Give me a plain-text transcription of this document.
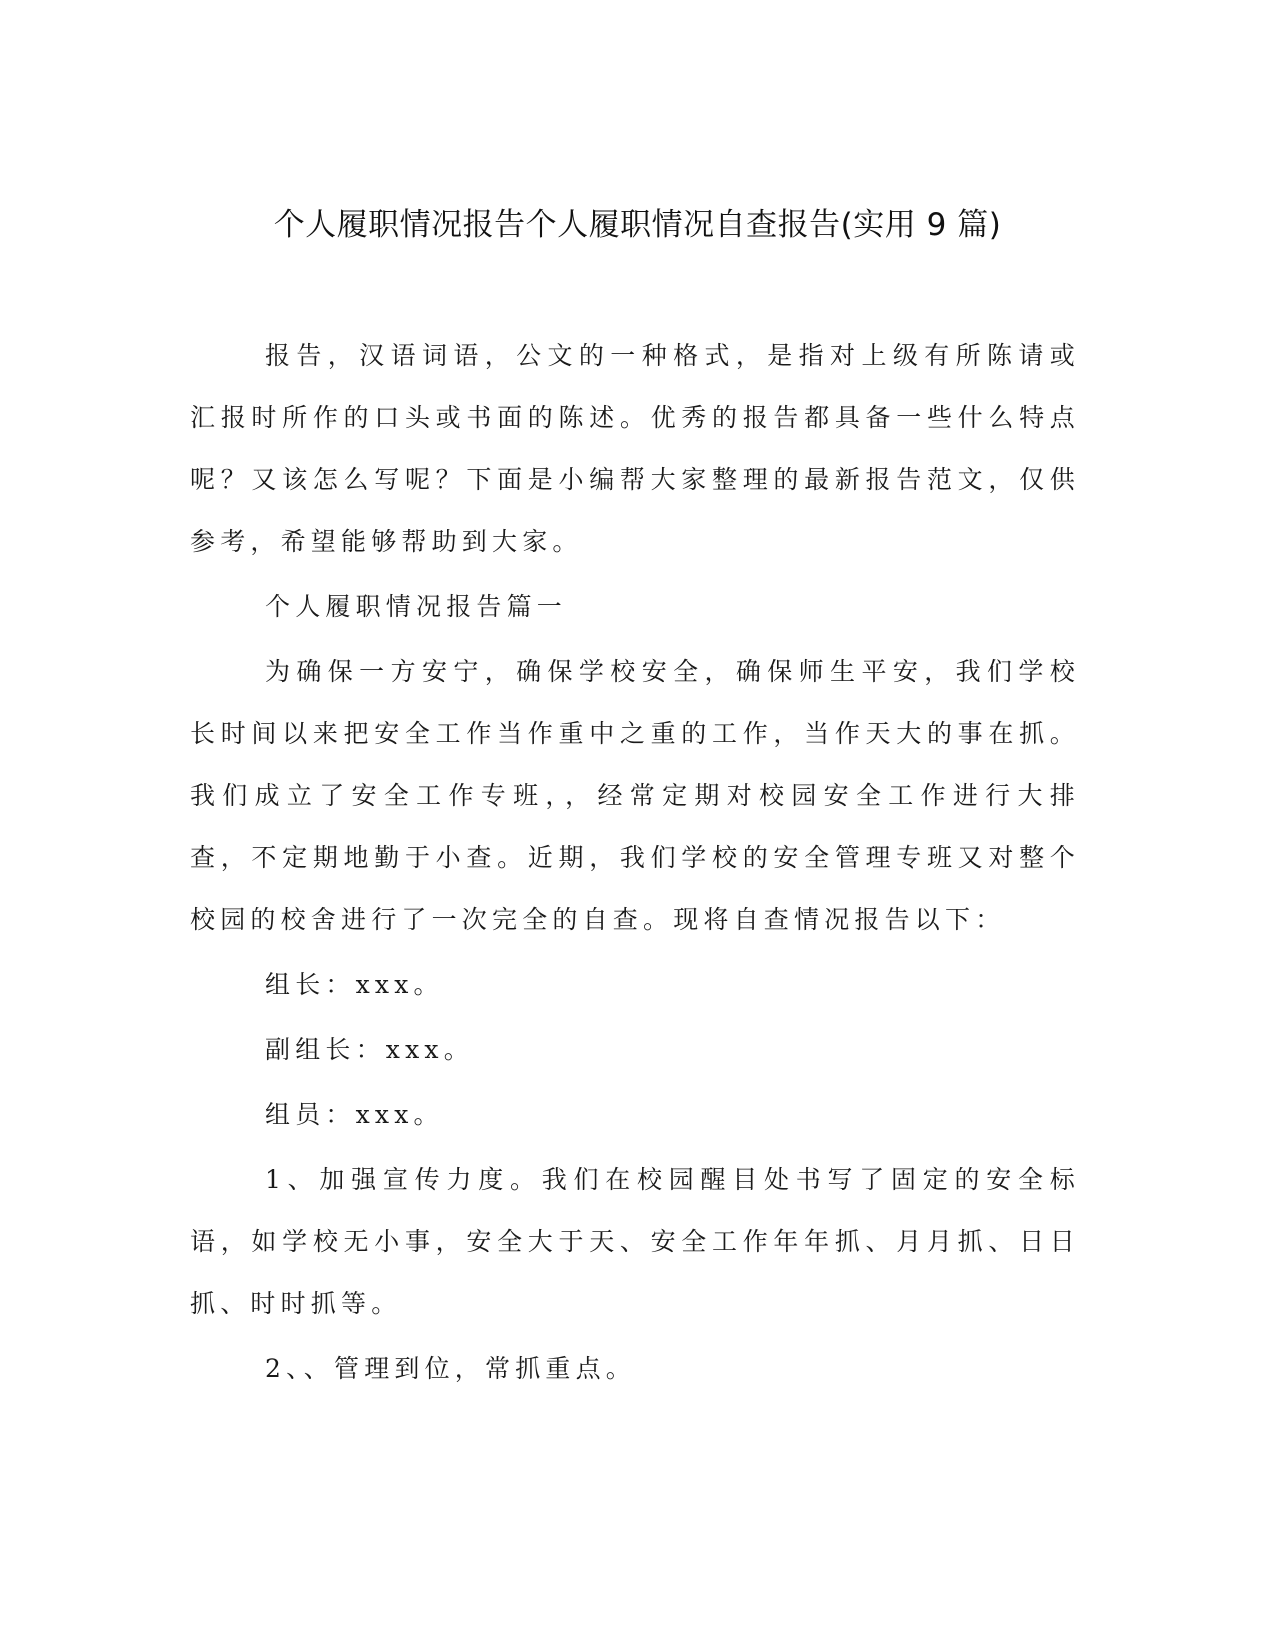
个人履职情况报告个人履职情况自查报告(实用 9 篇)

报告，汉语词语，公文的一种格式，是指对上级有所陈请或汇报时所作的口头或书面的陈述。优秀的报告都具备一些什么特点呢？又该怎么写呢？下面是小编帮大家整理的最新报告范文，仅供参考，希望能够帮助到大家。

个人履职情况报告篇一

为确保一方安宁，确保学校安全，确保师生平安，我们学校长时间以来把安全工作当作重中之重的工作，当作天大的事在抓。我们成立了安全工作专班，，经常定期对校园安全工作进行大排查，不定期地勤于小查。近期，我们学校的安全管理专班又对整个校园的校舍进行了一次完全的自查。现将自查情况报告以下：

组长：xxx。

副组长：xxx。

组员：xxx。

1、加强宣传力度。我们在校园醒目处书写了固定的安全标语，如学校无小事，安全大于天、安全工作年年抓、月月抓、日日抓、时时抓等。

2、、管理到位，常抓重点。
